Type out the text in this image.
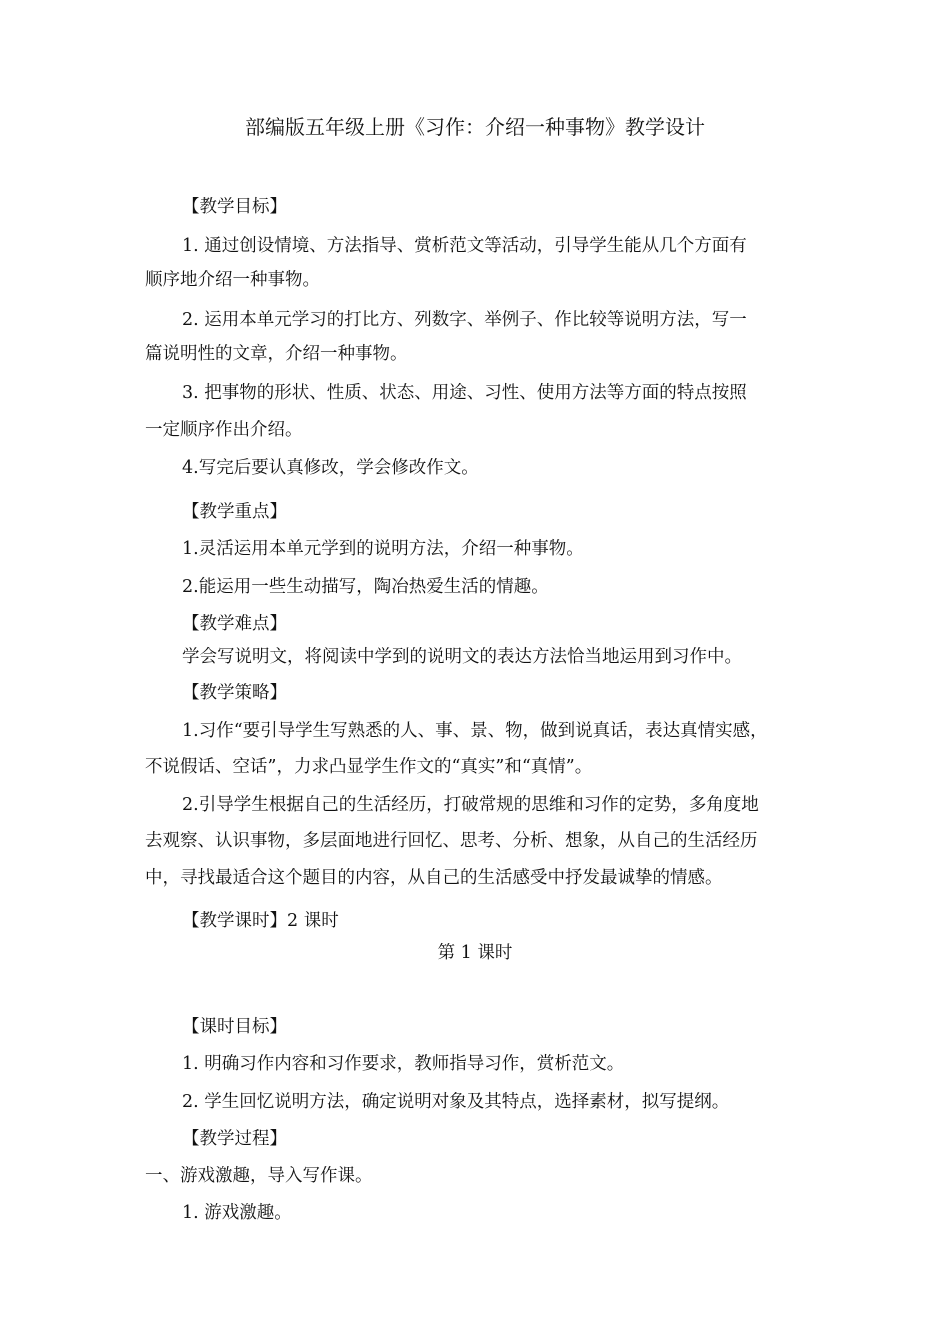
部编版五年级上册《习作：介绍一种事物》教学设计
【教学目标】
1. 通过创设情境、方法指导、赏析范文等活动，引导学生能从几个方面有
顺序地介绍一种事物。
2. 运用本单元学习的打比方、列数字、举例子、作比较等说明方法，写一
篇说明性的文章，介绍一种事物。
3. 把事物的形状、性质、状态、用途、习性、使用方法等方面的特点按照
一定顺序作出介绍。
4.写完后要认真修改，学会修改作文。
【教学重点】
1.灵活运用本单元学到的说明方法，介绍一种事物。
2.能运用一些生动描写，陶冶热爱生活的情趣。
【教学难点】
学会写说明文，将阅读中学到的说明文的表达方法恰当地运用到习作中。
【教学策略】
1.习作“要引导学生写熟悉的人、事、景、物，做到说真话，表达真情实感，
不说假话、空话”，力求凸显学生作文的“真实”和“真情”。
2.引导学生根据自己的生活经历，打破常规的思维和习作的定势，多角度地
去观察、认识事物，多层面地进行回忆、思考、分析、想象，从自己的生活经历
中，寻找最适合这个题目的内容，从自己的生活感受中抒发最诚挚的情感。
【教学课时】2 课时
第 1 课时
【课时目标】
1. 明确习作内容和习作要求，教师指导习作，赏析范文。
2. 学生回忆说明方法，确定说明对象及其特点，选择素材，拟写提纲。
【教学过程】
一、游戏激趣，导入写作课。
1. 游戏激趣。
